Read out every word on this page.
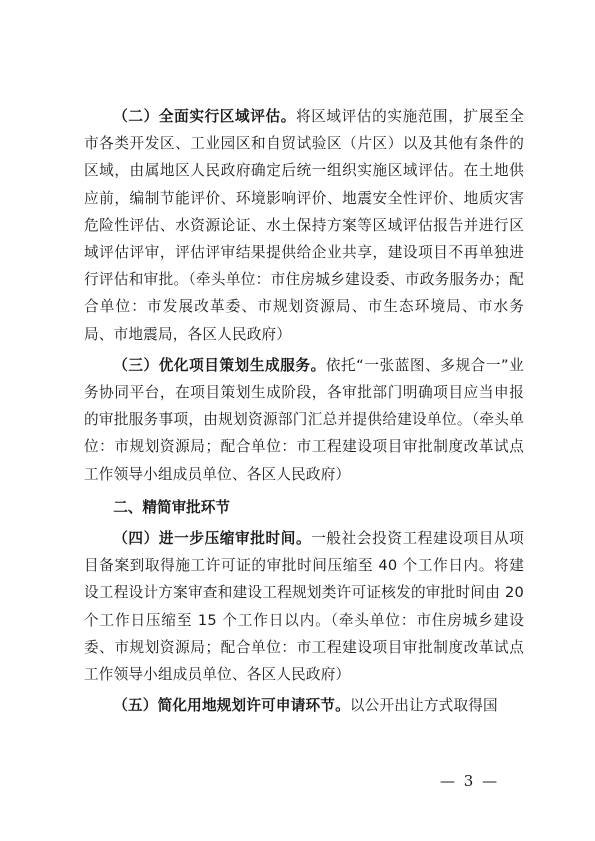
（二）全面实行区域评估。将区域评估的实施范围，扩展至全市各类开发区、工业园区和自贸试验区（片区）以及其他有条件的区域，由属地区人民政府确定后统一组织实施区域评估。在土地供应前，编制节能评价、环境影响评价、地震安全性评价、地质灾害危险性评估、水资源论证、水土保持方案等区域评估报告并进行区域评估评审，评估评审结果提供给企业共享，建设项目不再单独进行评估和审批。（牵头单位：市住房城乡建设委、市政务服务办；配合单位：市发展改革委、市规划资源局、市生态环境局、市水务局、市地震局，各区人民政府）

（三）优化项目策划生成服务。依托“一张蓝图、多规合一”业务协同平台，在项目策划生成阶段，各审批部门明确项目应当申报的审批服务事项，由规划资源部门汇总并提供给建设单位。（牵头单位：市规划资源局；配合单位：市工程建设项目审批制度改革试点工作领导小组成员单位、各区人民政府）

二、精简审批环节

（四）进一步压缩审批时间。一般社会投资工程建设项目从项目备案到取得施工许可证的审批时间压缩至 40 个工作日内。将建设工程设计方案审查和建设工程规划类许可证核发的审批时间由 20 个工作日压缩至 15 个工作日以内。（牵头单位：市住房城乡建设委、市规划资源局；配合单位：市工程建设项目审批制度改革试点工作领导小组成员单位、各区人民政府）

（五）简化用地规划许可申请环节。以公开出让方式取得国

— 3 —
